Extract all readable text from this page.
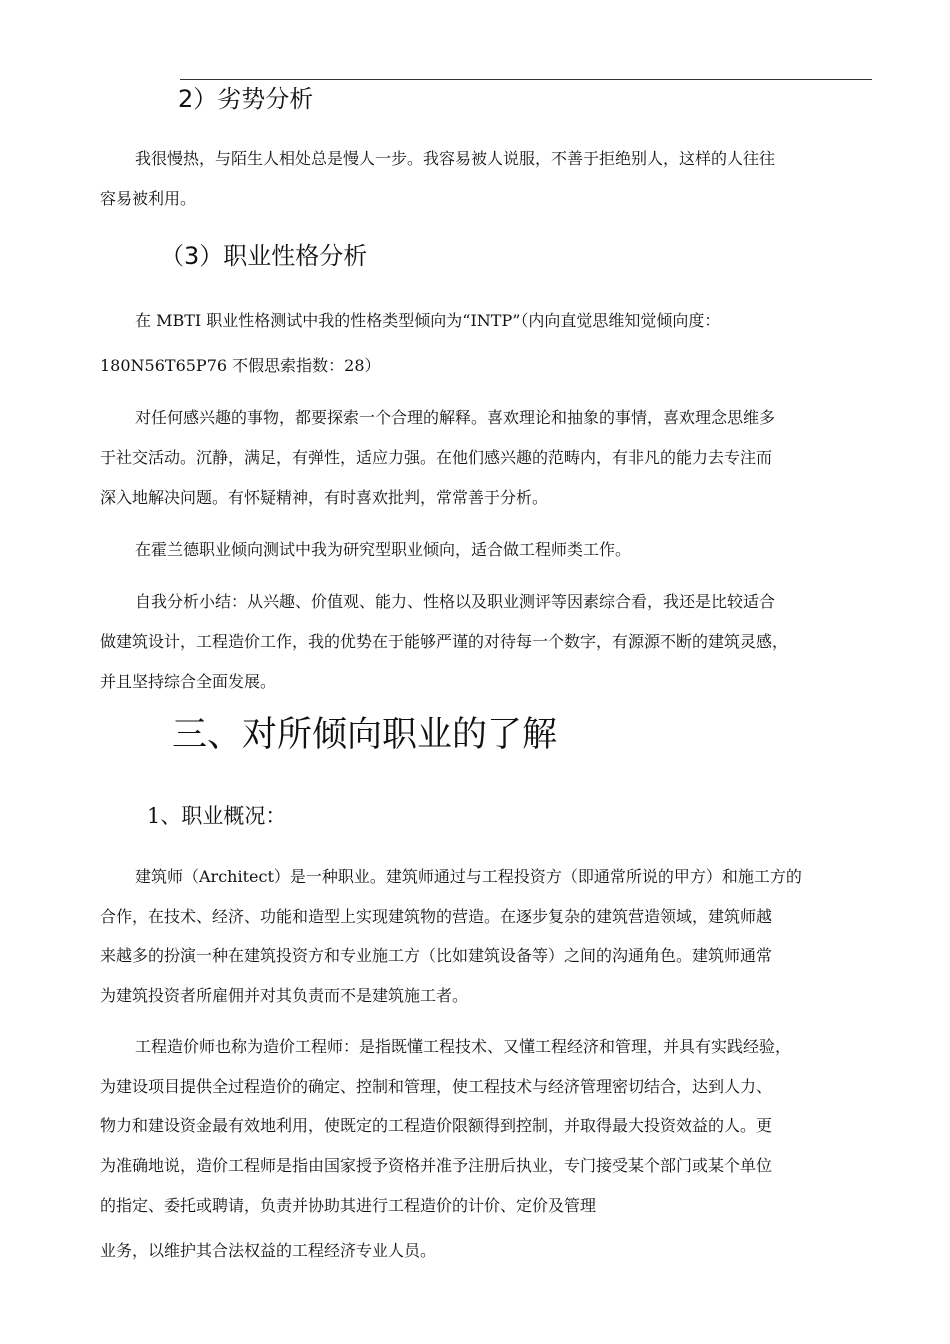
2）劣势分析
我很慢热，与陌生人相处总是慢人一步。我容易被人说服，不善于拒绝别人，这样的人往往
容易被利用。
（3）职业性格分析
在 MBTI 职业性格测试中我的性格类型倾向为“INTP”（内向直觉思维知觉倾向度：
180N56T65P76 不假思索指数：28）
对任何感兴趣的事物，都要探索一个合理的解释。喜欢理论和抽象的事情，喜欢理念思维多
于社交活动。沉静，满足，有弹性，适应力强。在他们感兴趣的范畴内，有非凡的能力去专注而
深入地解决问题。有怀疑精神，有时喜欢批判，常常善于分析。
在霍兰德职业倾向测试中我为研究型职业倾向，适合做工程师类工作。
自我分析小结：从兴趣、价值观、能力、性格以及职业测评等因素综合看，我还是比较适合
做建筑设计，工程造价工作，我的优势在于能够严谨的对待每一个数字，有源源不断的建筑灵感，
并且坚持综合全面发展。
三、对所倾向职业的了解
1、职业概况：
建筑师（Architect）是一种职业。建筑师通过与工程投资方（即通常所说的甲方）和施工方的
合作，在技术、经济、功能和造型上实现建筑物的营造。在逐步复杂的建筑营造领域，建筑师越
来越多的扮演一种在建筑投资方和专业施工方（比如建筑设备等）之间的沟通角色。建筑师通常
为建筑投资者所雇佣并对其负责而不是建筑施工者。
工程造价师也称为造价工程师：是指既懂工程技术、又懂工程经济和管理，并具有实践经验，
为建设项目提供全过程造价的确定、控制和管理，使工程技术与经济管理密切结合，达到人力、
物力和建设资金最有效地利用，使既定的工程造价限额得到控制，并取得最大投资效益的人。更
为准确地说，造价工程师是指由国家授予资格并准予注册后执业，专门接受某个部门或某个单位
的指定、委托或聘请，负责并协助其进行工程造价的计价、定价及管理
业务，以维护其合法权益的工程经济专业人员。
